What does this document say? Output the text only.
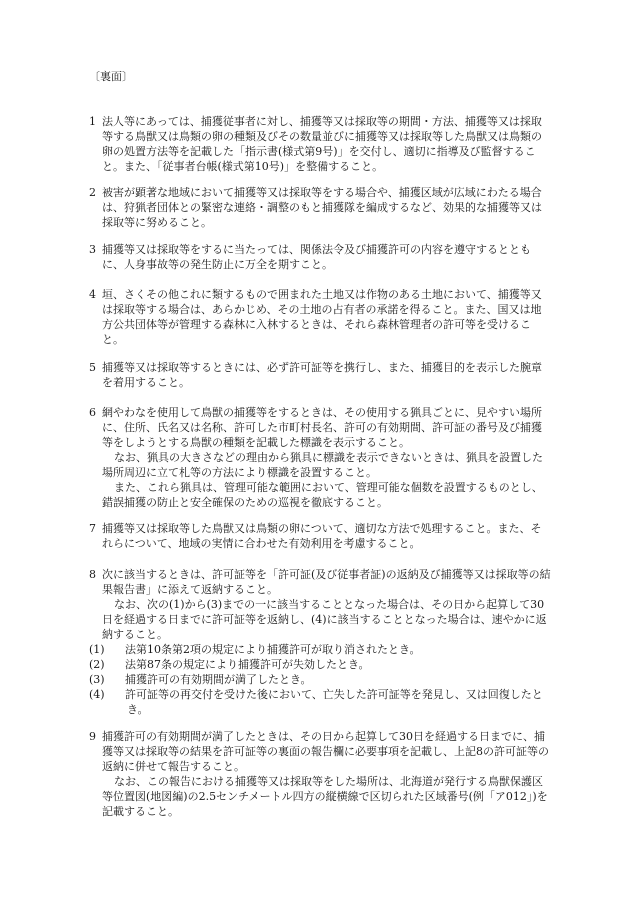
〔裏面〕

1 法人等にあっては、捕獲従事者に対し、捕獲等又は採取等の期間・方法、捕獲等又は採取等する鳥獣又は鳥類の卵の種類及びその数量並びに捕獲等又は採取等した鳥獣又は鳥類の卵の処置方法等を記載した「指示書(様式第9号)」を交付し、適切に指導及び監督すること。また、「従事者台帳(様式第10号)」を整備すること。

2 被害が顕著な地域において捕獲等又は採取等をする場合や、捕獲区域が広域にわたる場合は、狩猟者団体との緊密な連絡・調整のもと捕獲隊を編成するなど、効果的な捕獲等又は採取等に努めること。

3 捕獲等又は採取等をするに当たっては、関係法令及び捕獲許可の内容を遵守するとともに、人身事故等の発生防止に万全を期すこと。

4 垣、さくその他これに類するもので囲まれた土地又は作物のある土地において、捕獲等又は採取等する場合は、あらかじめ、その土地の占有者の承諾を得ること。また、国又は地方公共団体等が管理する森林に入林するときは、それら森林管理者の許可等を受けること。

5 捕獲等又は採取等するときには、必ず許可証等を携行し、また、捕獲目的を表示した腕章を着用すること。

6 網やわなを使用して鳥獣の捕獲等をするときは、その使用する猟具ごとに、見やすい場所に、住所、氏名又は名称、許可した市町村長名、許可の有効期間、許可証の番号及び捕獲等をしようとする鳥獣の種類を記載した標識を表示すること。

なお、猟具の大きさなどの理由から猟具に標識を表示できないときは、猟具を設置した場所周辺に立て札等の方法により標識を設置すること。

また、これら猟具は、管理可能な範囲において、管理可能な個数を設置するものとし、錯誤捕獲の防止と安全確保のための巡視を徹底すること。

7 捕獲等又は採取等した鳥獣又は鳥類の卵について、適切な方法で処理すること。また、それらについて、地域の実情に合わせた有効利用を考慮すること。

8 次に該当するときは、許可証等を「許可証(及び従事者証)の返納及び捕獲等又は採取等の結果報告書」に添えて返納すること。

なお、次の(1)から(3)までの一に該当することとなった場合は、その日から起算して30日を経過する日までに許可証等を返納し、(4)に該当することとなった場合は、速やかに返納すること。

(1) 法第10条第2項の規定により捕獲許可が取り消されたとき。

(2) 法第87条の規定により捕獲許可が失効したとき。

(3) 捕獲許可の有効期間が満了したとき。

(4) 許可証等の再交付を受けた後において、亡失した許可証等を発見し、又は回復したとき。

9 捕獲許可の有効期間が満了したときは、その日から起算して30日を経過する日までに、捕獲等又は採取等の結果を許可証等の裏面の報告欄に必要事項を記載し、上記8の許可証等の返納に併せて報告すること。

なお、この報告における捕獲等又は採取等をした場所は、北海道が発行する鳥獣保護区等位置図(地図編)の2.5センチメートル四方の縦横線で区切られた区域番号(例「ア012」)を記載すること。
